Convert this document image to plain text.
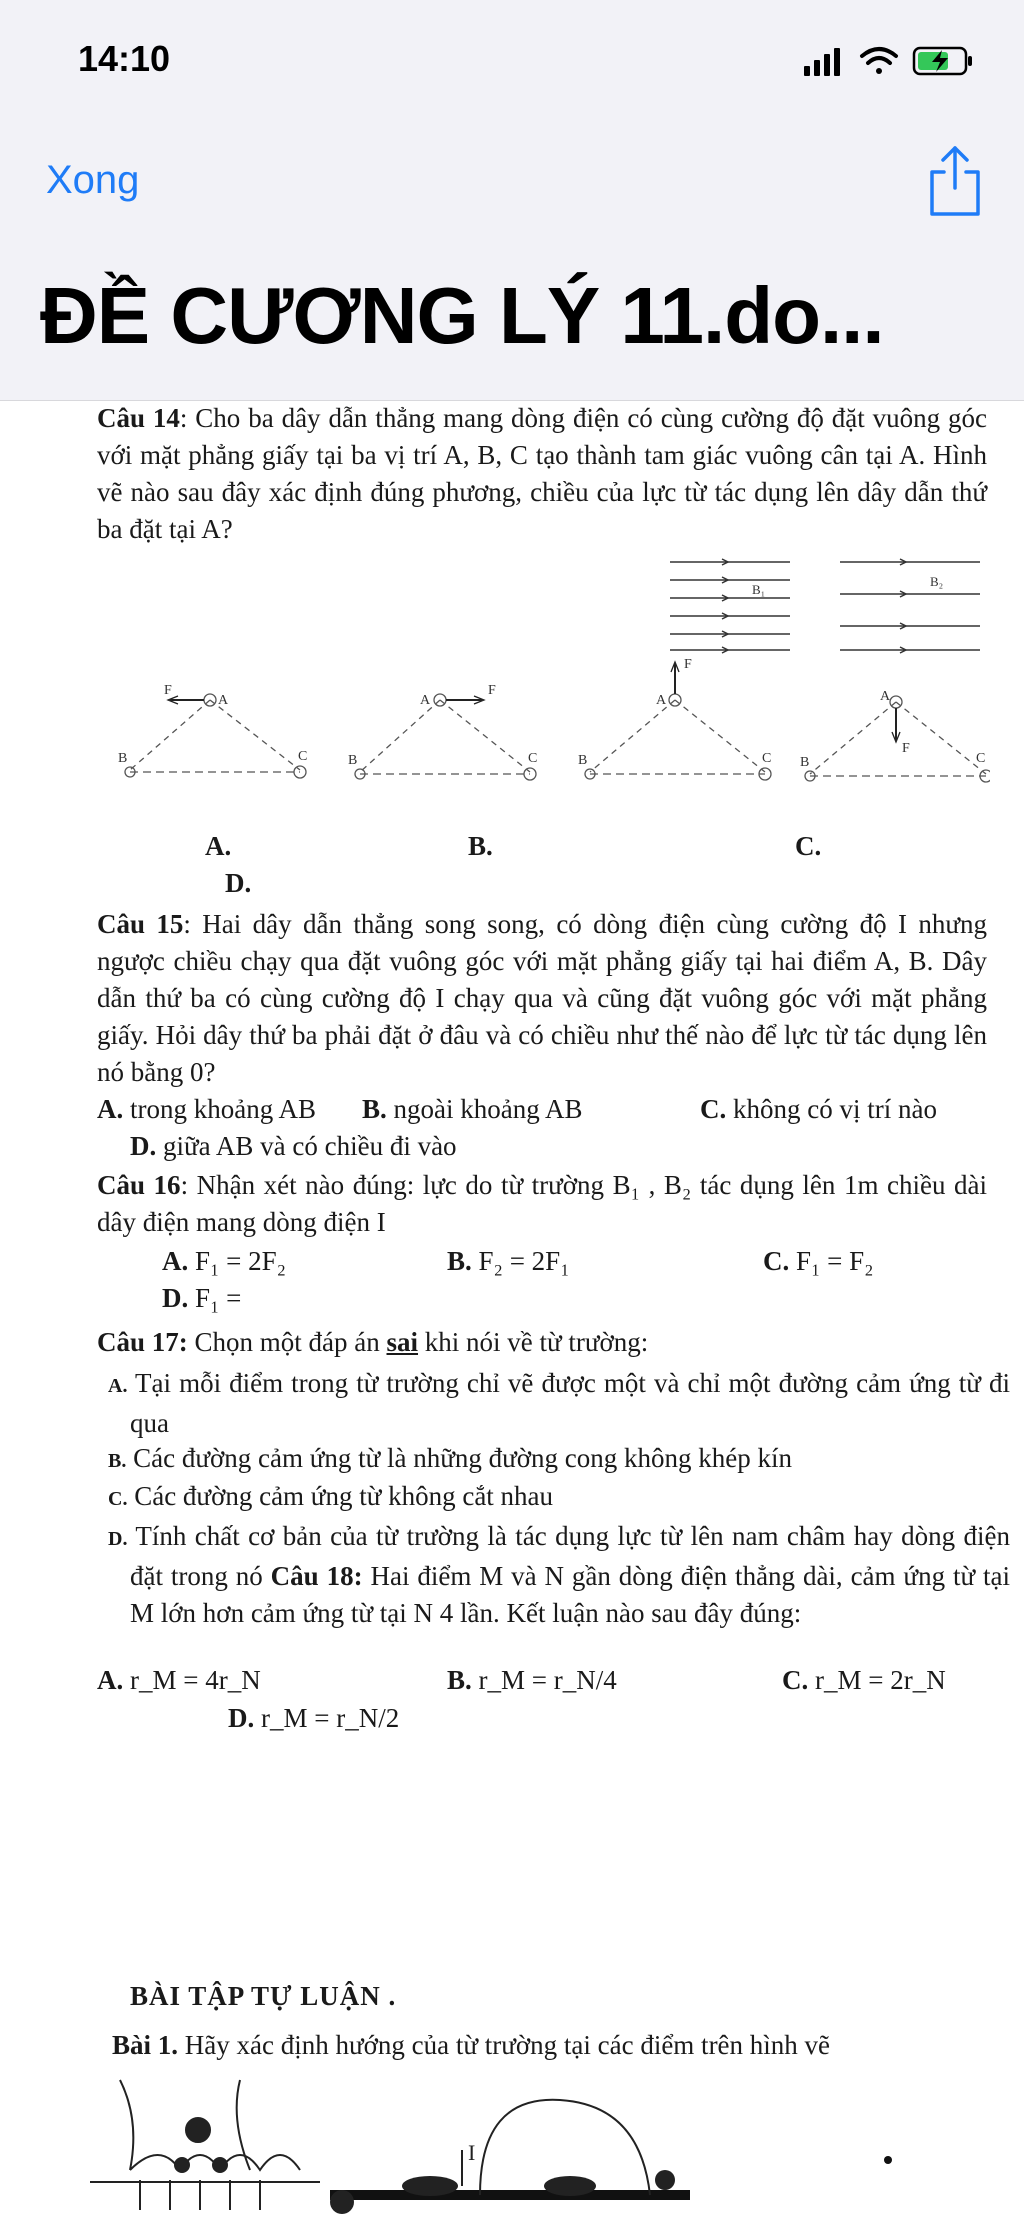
14:10
Xong
ĐỀ CƯƠNG LÝ 11.do...
Câu 14: Cho ba dây dẫn thẳng mang dòng điện có cùng cường độ đặt vuông góc với mặt phẳng giấy tại ba vị trí A, B, C tạo thành tam giác vuông cân tại A. Hình vẽ nào sau đây xác định đúng phương, chiều của lực từ tác dụng lên dây dẫn thứ ba đặt tại A?
B₁
B₂
F
A
B	C
A
F
B	C
A
F
B	C
A
F
B	C
A.	B.	C.
D.
Câu 15: Hai dây dẫn thẳng song song, có dòng điện cùng cường độ I nhưng ngược chiều chạy qua đặt vuông góc với mặt phẳng giấy tại hai điểm A, B. Dây dẫn thứ ba có cùng cường độ I chạy qua và cũng đặt vuông góc với mặt phẳng giấy. Hỏi dây thứ ba phải đặt ở đâu và có chiều như thế nào để lực từ tác dụng lên nó bằng 0?
A. trong khoảng AB B. ngoài khoảng AB	C. không có vị trí nào
D. giữa AB và có chiều đi vào
Câu 16: Nhận xét nào đúng: lực do từ trường B₁ , B₂ tác dụng lên 1m chiều dài dây điện mang dòng điện I
A. F₁ = 2F₂	B. F₂ = 2F₁	C. F₁ = F₂
D. F₁ =
Câu 17: Chọn một đáp án sai khi nói về từ trường:
A. Tại mỗi điểm trong từ trường chỉ vẽ được một và chỉ một đường cảm ứng từ đi qua
B. Các đường cảm ứng từ là những đường cong không khép kín
C. Các đường cảm ứng từ không cắt nhau
D. Tính chất cơ bản của từ trường là tác dụng lực từ lên nam châm hay dòng điện đặt trong nó Câu 18: Hai điểm M và N gần dòng điện thẳng dài, cảm ứng từ tại M lớn hơn cảm ứng từ tại N 4 lần. Kết luận nào sau đây đúng:
A. r_M = 4r_N	B. r_M = r_N/4	C. r_M = 2r_N
D. r_M = r_N/2
BÀI TẬP TỰ LUẬN .
Bài 1. Hãy xác định hướng của từ trường tại các điểm trên hình vẽ
I
